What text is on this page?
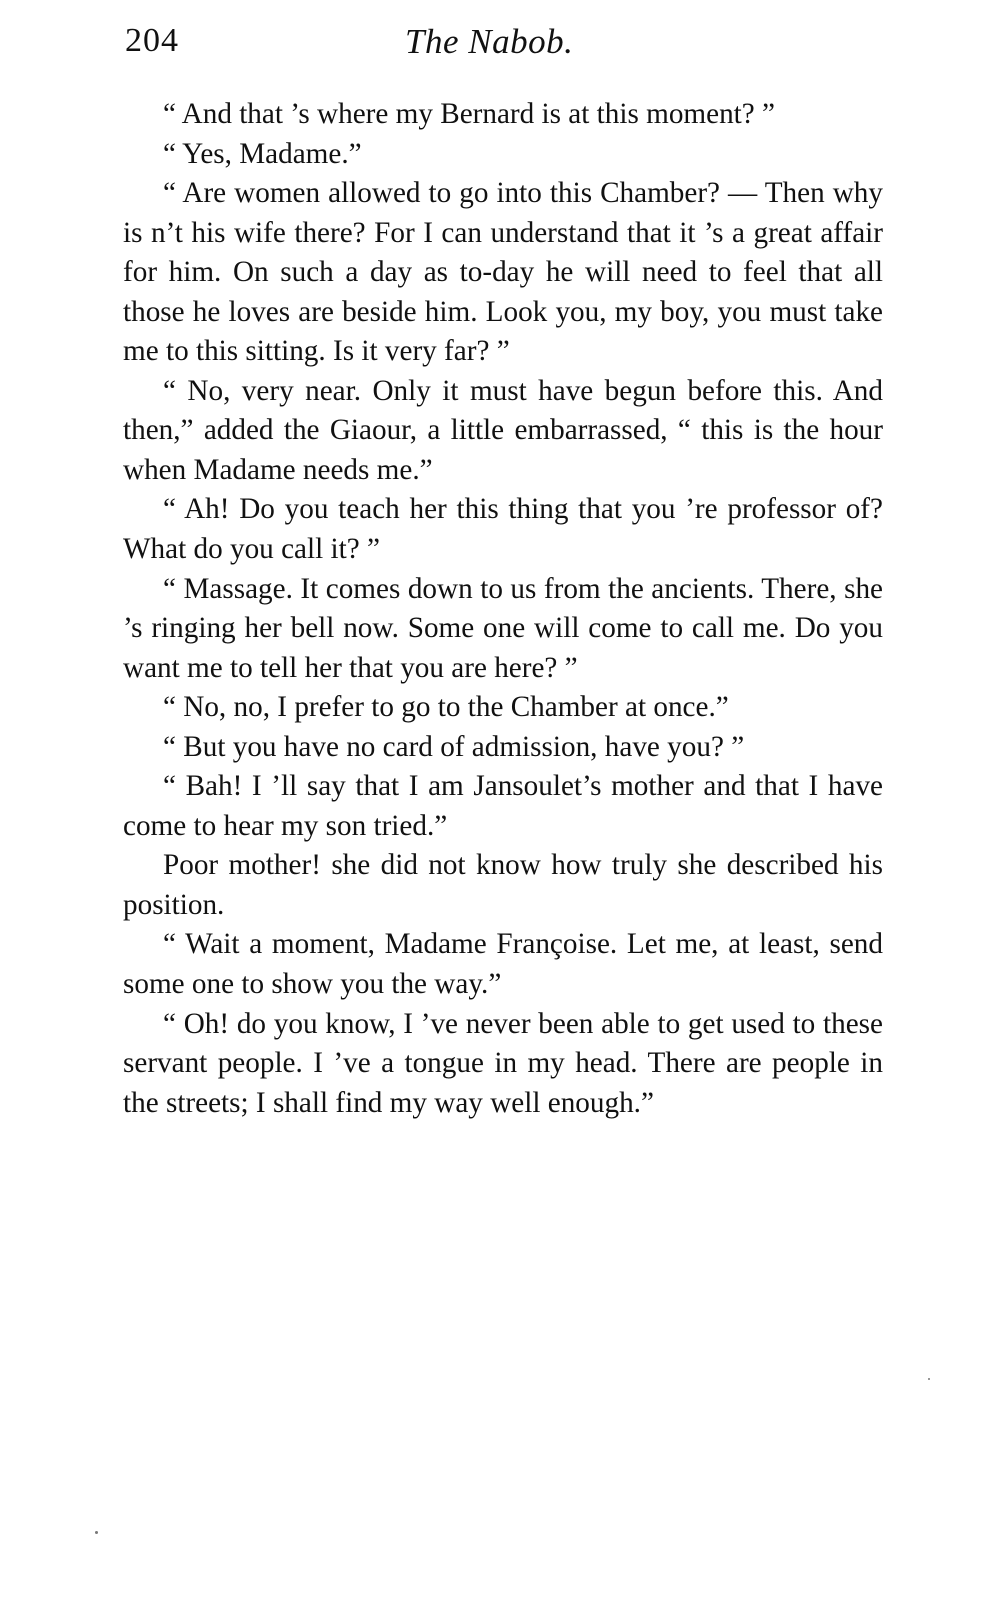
204	The Nabob.

“ And that ’s where my Bernard is at this moment? ”

“ Yes, Madame.”

“ Are women allowed to go into this Chamber? — Then why is n’t his wife there? For I can understand that it ’s a great affair for him. On such a day as to-day he will need to feel that all those he loves are beside him. Look you, my boy, you must take me to this sitting. Is it very far? ”

“ No, very near. Only it must have begun before this. And then,” added the Giaour, a little embarrassed, “ this is the hour when Madame needs me.”

“ Ah! Do you teach her this thing that you ’re professor of? What do you call it? ”

“ Massage. It comes down to us from the ancients. There, she ’s ringing her bell now. Some one will come to call me. Do you want me to tell her that you are here? ”

“ No, no, I prefer to go to the Chamber at once.”

“ But you have no card of admission, have you? ”

“ Bah! I ’ll say that I am Jansoulet’s mother and that I have come to hear my son tried.”

Poor mother! she did not know how truly she described his position.

“ Wait a moment, Madame Françoise. Let me, at least, send some one to show you the way.”

“ Oh! do you know, I ’ve never been able to get used to these servant people. I ’ve a tongue in my head. There are people in the streets; I shall find my way well enough.”
